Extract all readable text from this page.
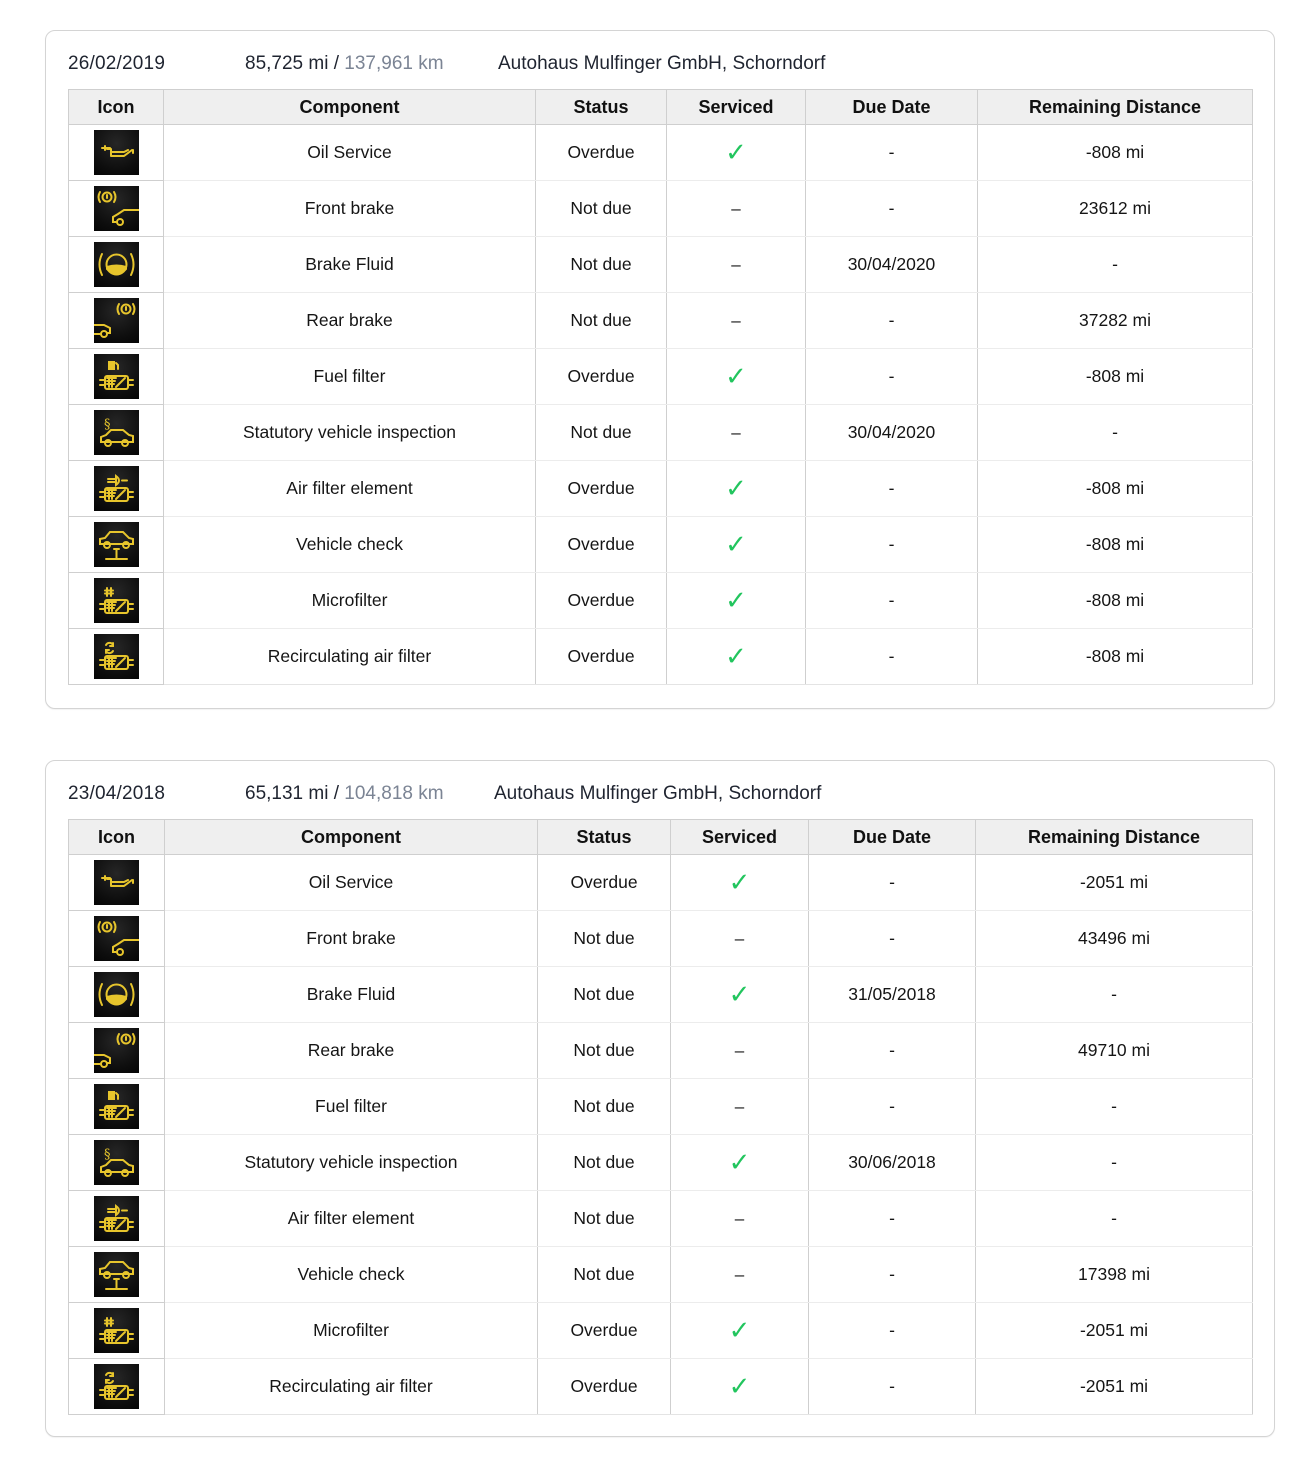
26/02/2019	85,725 mi / 137,961 km	Autohaus Mulfinger GmbH, Schorndorf
Icon	Component	Status	Serviced	Due Date	Remaining Distance

	Oil Service	Overdue	✓	-	-808 mi

	Front brake	Not due	–	-	23612 mi

	Brake Fluid	Not due	–	30/04/2020	-

	Rear brake	Not due	–	-	37282 mi

	Fuel filter	Overdue	✓	-	-808 mi

§	Statutory vehicle inspection	Not due	–	30/04/2020	-

	Air filter element	Overdue	✓	-	-808 mi

	Vehicle check	Overdue	✓	-	-808 mi

	Microfilter	Overdue	✓	-	-808 mi

	Recirculating air filter	Overdue	✓	-	-808 mi
23/04/2018	65,131 mi / 104,818 km	Autohaus Mulfinger GmbH, Schorndorf
Icon	Component	Status	Serviced	Due Date	Remaining Distance

	Oil Service	Overdue	✓	-	-2051 mi

	Front brake	Not due	–	-	43496 mi

	Brake Fluid	Not due	✓	31/05/2018	-

	Rear brake	Not due	–	-	49710 mi

	Fuel filter	Not due	–	-	-

§	Statutory vehicle inspection	Not due	✓	30/06/2018	-

	Air filter element	Not due	–	-	-

	Vehicle check	Not due	–	-	17398 mi

	Microfilter	Overdue	✓	-	-2051 mi

	Recirculating air filter	Overdue	✓	-	-2051 mi
